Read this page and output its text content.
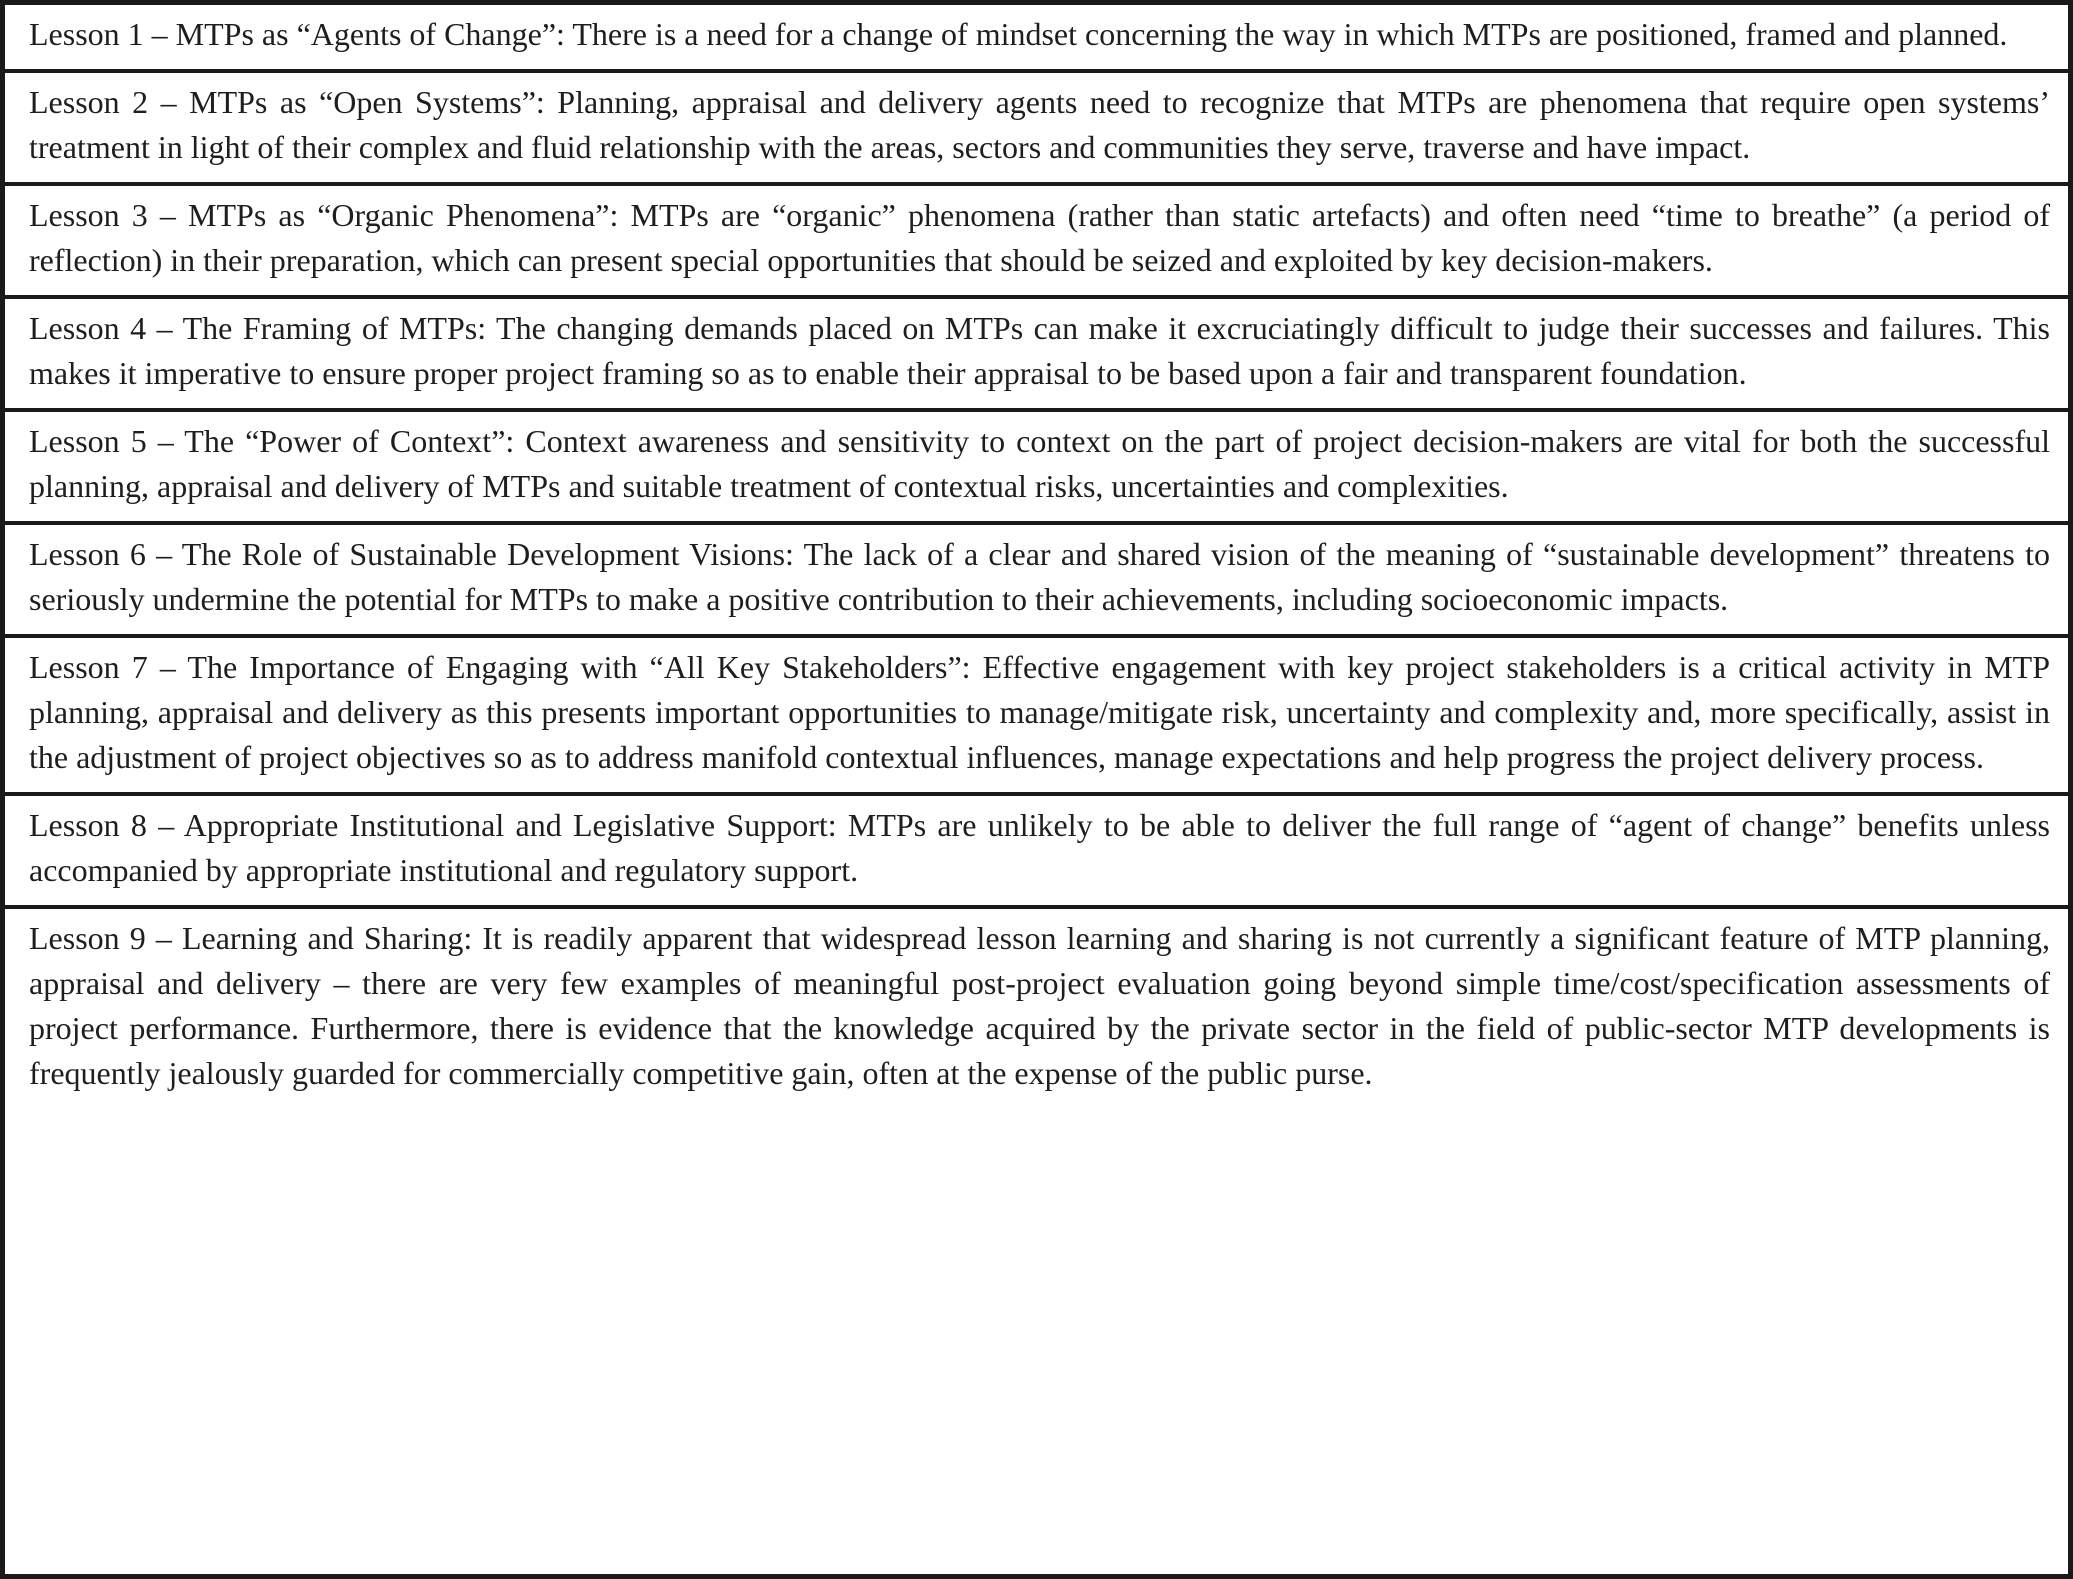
Lesson 1 – MTPs as “Agents of Change”: There is a need for a change of mindset concerning the way in which MTPs are positioned, framed and planned.

Lesson 2 – MTPs as “Open Systems”: Planning, appraisal and delivery agents need to recognize that MTPs are phenomena that require open systems’ treatment in light of their complex and fluid relationship with the areas, sectors and communities they serve, traverse and have impact.

Lesson 3 – MTPs as “Organic Phenomena”: MTPs are “organic” phenomena (rather than static artefacts) and often need “time to breathe” (a period of reflection) in their preparation, which can present special opportunities that should be seized and exploited by key decision-makers.

Lesson 4 – The Framing of MTPs: The changing demands placed on MTPs can make it excruciatingly difficult to judge their successes and failures. This makes it imperative to ensure proper project framing so as to enable their appraisal to be based upon a fair and transparent foundation.

Lesson 5 – The “Power of Context”: Context awareness and sensitivity to context on the part of project decision-makers are vital for both the successful planning, appraisal and delivery of MTPs and suitable treatment of contextual risks, uncertainties and complexities.

Lesson 6 – The Role of Sustainable Development Visions: The lack of a clear and shared vision of the meaning of “sustainable development” threatens to seriously undermine the potential for MTPs to make a positive contribution to their achievements, including socioeconomic impacts.

Lesson 7 – The Importance of Engaging with “All Key Stakeholders”: Effective engagement with key project stakeholders is a critical activity in MTP planning, appraisal and delivery as this presents important opportunities to manage/mitigate risk, uncertainty and complexity and, more specifically, assist in the adjustment of project objectives so as to address manifold contextual influences, manage expectations and help progress the project delivery process.

Lesson 8 – Appropriate Institutional and Legislative Support: MTPs are unlikely to be able to deliver the full range of “agent of change” benefits unless accompanied by appropriate institutional and regulatory support.

Lesson 9 – Learning and Sharing: It is readily apparent that widespread lesson learning and sharing is not currently a significant feature of MTP planning, appraisal and delivery – there are very few examples of meaningful post-project evaluation going beyond simple time/cost/specification assessments of project performance. Furthermore, there is evidence that the knowledge acquired by the private sector in the field of public-sector MTP developments is frequently jealously guarded for commercially competitive gain, often at the expense of the public purse.
